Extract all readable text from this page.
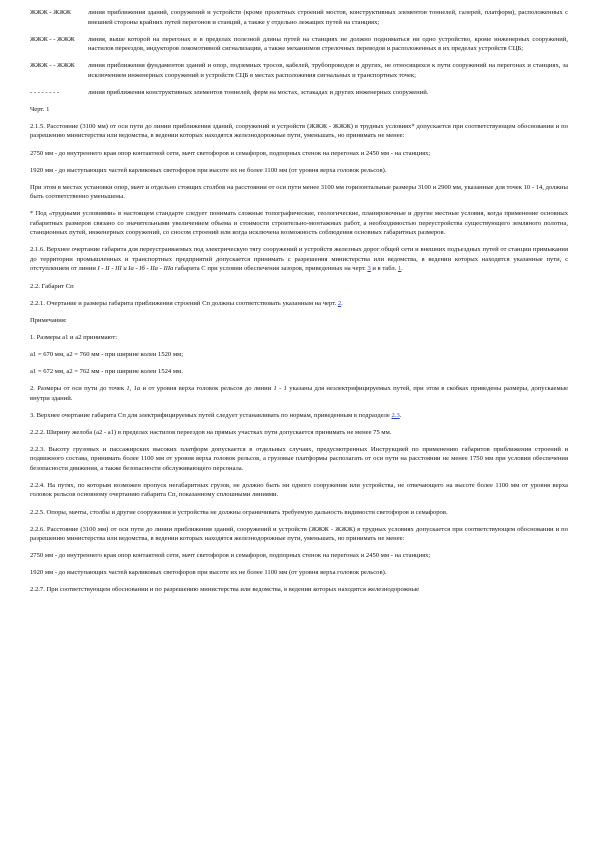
ЖЖЖ - ЖЖЖ	линия приближения зданий, сооружений и устройств (кроме пролетных строений мостов, конструктивных элементов тоннелей, галерей, платформ), расположенных с внешней стороны крайних путей перегонов и станций, а также у отдельно лежащих путей на станциях;
ЖЖЖ - - ЖЖЖ	линия, выше которой на перегонах и в пределах полезной длины путей на станциях не должно подниматься ни одно устройство, кроме инженерных сооружений, настилов переездов, индукторов локомотивной сигнализации, а также механизмов стрелочных переводов и расположенных в их пределах устройств СЦБ;
ЖЖЖ - - ЖЖЖ	линия приближения фундаментов зданий и опор, подземных тросов, кабелей, трубопроводов и других, не относящихся к пути сооружений на перегонах и станциях, за исключением инженерных сооружений и устройств СЦБ в местах расположения сигнальных и транспортных точек;
- - - - - - - -	линия приближения конструктивных элементов тоннелей, ферм на мостах, эстакадах и других инженерных сооружений.

Черт. 1

2.1.5. Расстояние (3100 мм) от оси пути до линии приближения зданий, сооружений и устройств (ЖЖЖ - ЖЖЖ) в трудных условиях* допускается при соответствующем обосновании и по разрешению министерства или ведомства, в ведении которых находятся железнодорожные пути, уменьшать, но принимать не менее:

2750 мм - до внутреннего края опор контактной сети, мачт светофоров и семафоров, подпорных стенок на перегонах и 2450 мм - на станциях;

1920 мм - до выступающих частей карликовых светофоров при высоте их не более 1100 мм (от уровня верха головок рельсов).

При этом в местах установки опор, мачт и отдельно стоящих столбов на расстоянии от оси пути менее 3100 мм горизонтальные размеры 3100 и 2900 мм, указанные для точек 10 - 14, должны быть соответственно уменьшены.

* Под «трудными условиями» в настоящем стандарте следует понимать сложные топографические, геологические, планировочные и другие местные условия, когда применение основных габаритных размеров связано со значительными увеличением объема и стоимости строительно-монтажных работ, а необходимостью переустройства существующего земляного полотна, станционных путей, инженерных сооружений, со сносом строений или когда исключена возможность соблюдения основных габаритных размеров.

2.1.6. Верхнее очертание габарита для переустраиваемых под электрическую тягу сооружений и устройств железных дорог общей сети и внешних подъездных путей от станции примыкания до территории промышленных и транспортных предприятий допускается принимать с разрешения министерства или ведомства, в ведении которых находятся указанные пути, с отступлением от линии I - II - III и Iа - Iб - IIа - IIIа габарита С при условии обеспечения зазоров, приведенных на черт. 3 и в табл. 1.

2.2. Габарит Сп

2.2.1. Очертание и размеры габарита приближения строений Сп должны соответствовать указанным на черт. 2.

Примечания:

1. Размеры а1 и а2 принимают:

а1 = 670 мм, а2 = 760 мм - при ширине колеи 1520 мм;

а1 = 672 мм, а2 = 762 мм - при ширине колеи 1524 мм.

2. Размеры от оси пути до точек 1, 1а и от уровня верха головок рельсов до линии 1 - 1 указаны для неэлектрифицируемых путей, при этом в скобках приведены размеры, допускаемые внутри зданий.

3. Верхнее очертание габарита Сп для электрифицируемых путей следует устанавливать по нормам, приведенным в подразделе 2.3.

2.2.2. Ширину желоба (а2 - а1) в пределах настилов переездов на прямых участках пути допускается принимать не менее 75 мм.

2.2.3. Высоту грузовых и пассажирских высоких платформ допускается в отдельных случаях, предусмотренных Инструкцией по применению габаритов приближения строений и подвижного состава, принимать более 1100 мм от уровня верха головок рельсов, а грузовые платформы располагать от оси пути на расстоянии не менее 1750 мм при условии обеспечения безопасности движения, а также безопасности обслуживающего персонала.

2.2.4. На путях, по которым возможен пропуск негабаритных грузов, не должно быть ни одного сооружения или устройства, не отвечающего на высоте более 1100 мм от уровня верха головок рельсов основному очертанию габарита Сп, показанному сплошными линиями.

2.2.5. Опоры, мачты, столбы и другие сооружения и устройства не должны ограничивать требуемую дальность видимости светофоров и семафоров.

2.2.6. Расстояние (3100 мм) от оси пути до линии приближения зданий, сооружений и устройств (ЖЖЖ - ЖЖЖ) в трудных условиях допускается при соответствующем обосновании и по разрешению министерства или ведомства, в ведении которых находятся железнодорожные пути, уменьшать, но принимать не менее:

2750 мм - до внутреннего края опор контактной сети, мачт светофоров и семафоров, подпорных стенок на перегонах и 2450 мм - на станциях;

1920 мм - до выступающих частей карликовых светофоров при высоте их не более 1100 мм (от уровня верха головок рельсов).

2.2.7. При соответствующем обосновании и по разрешению министерства или ведомства, в ведении которых находятся железнодорожные
